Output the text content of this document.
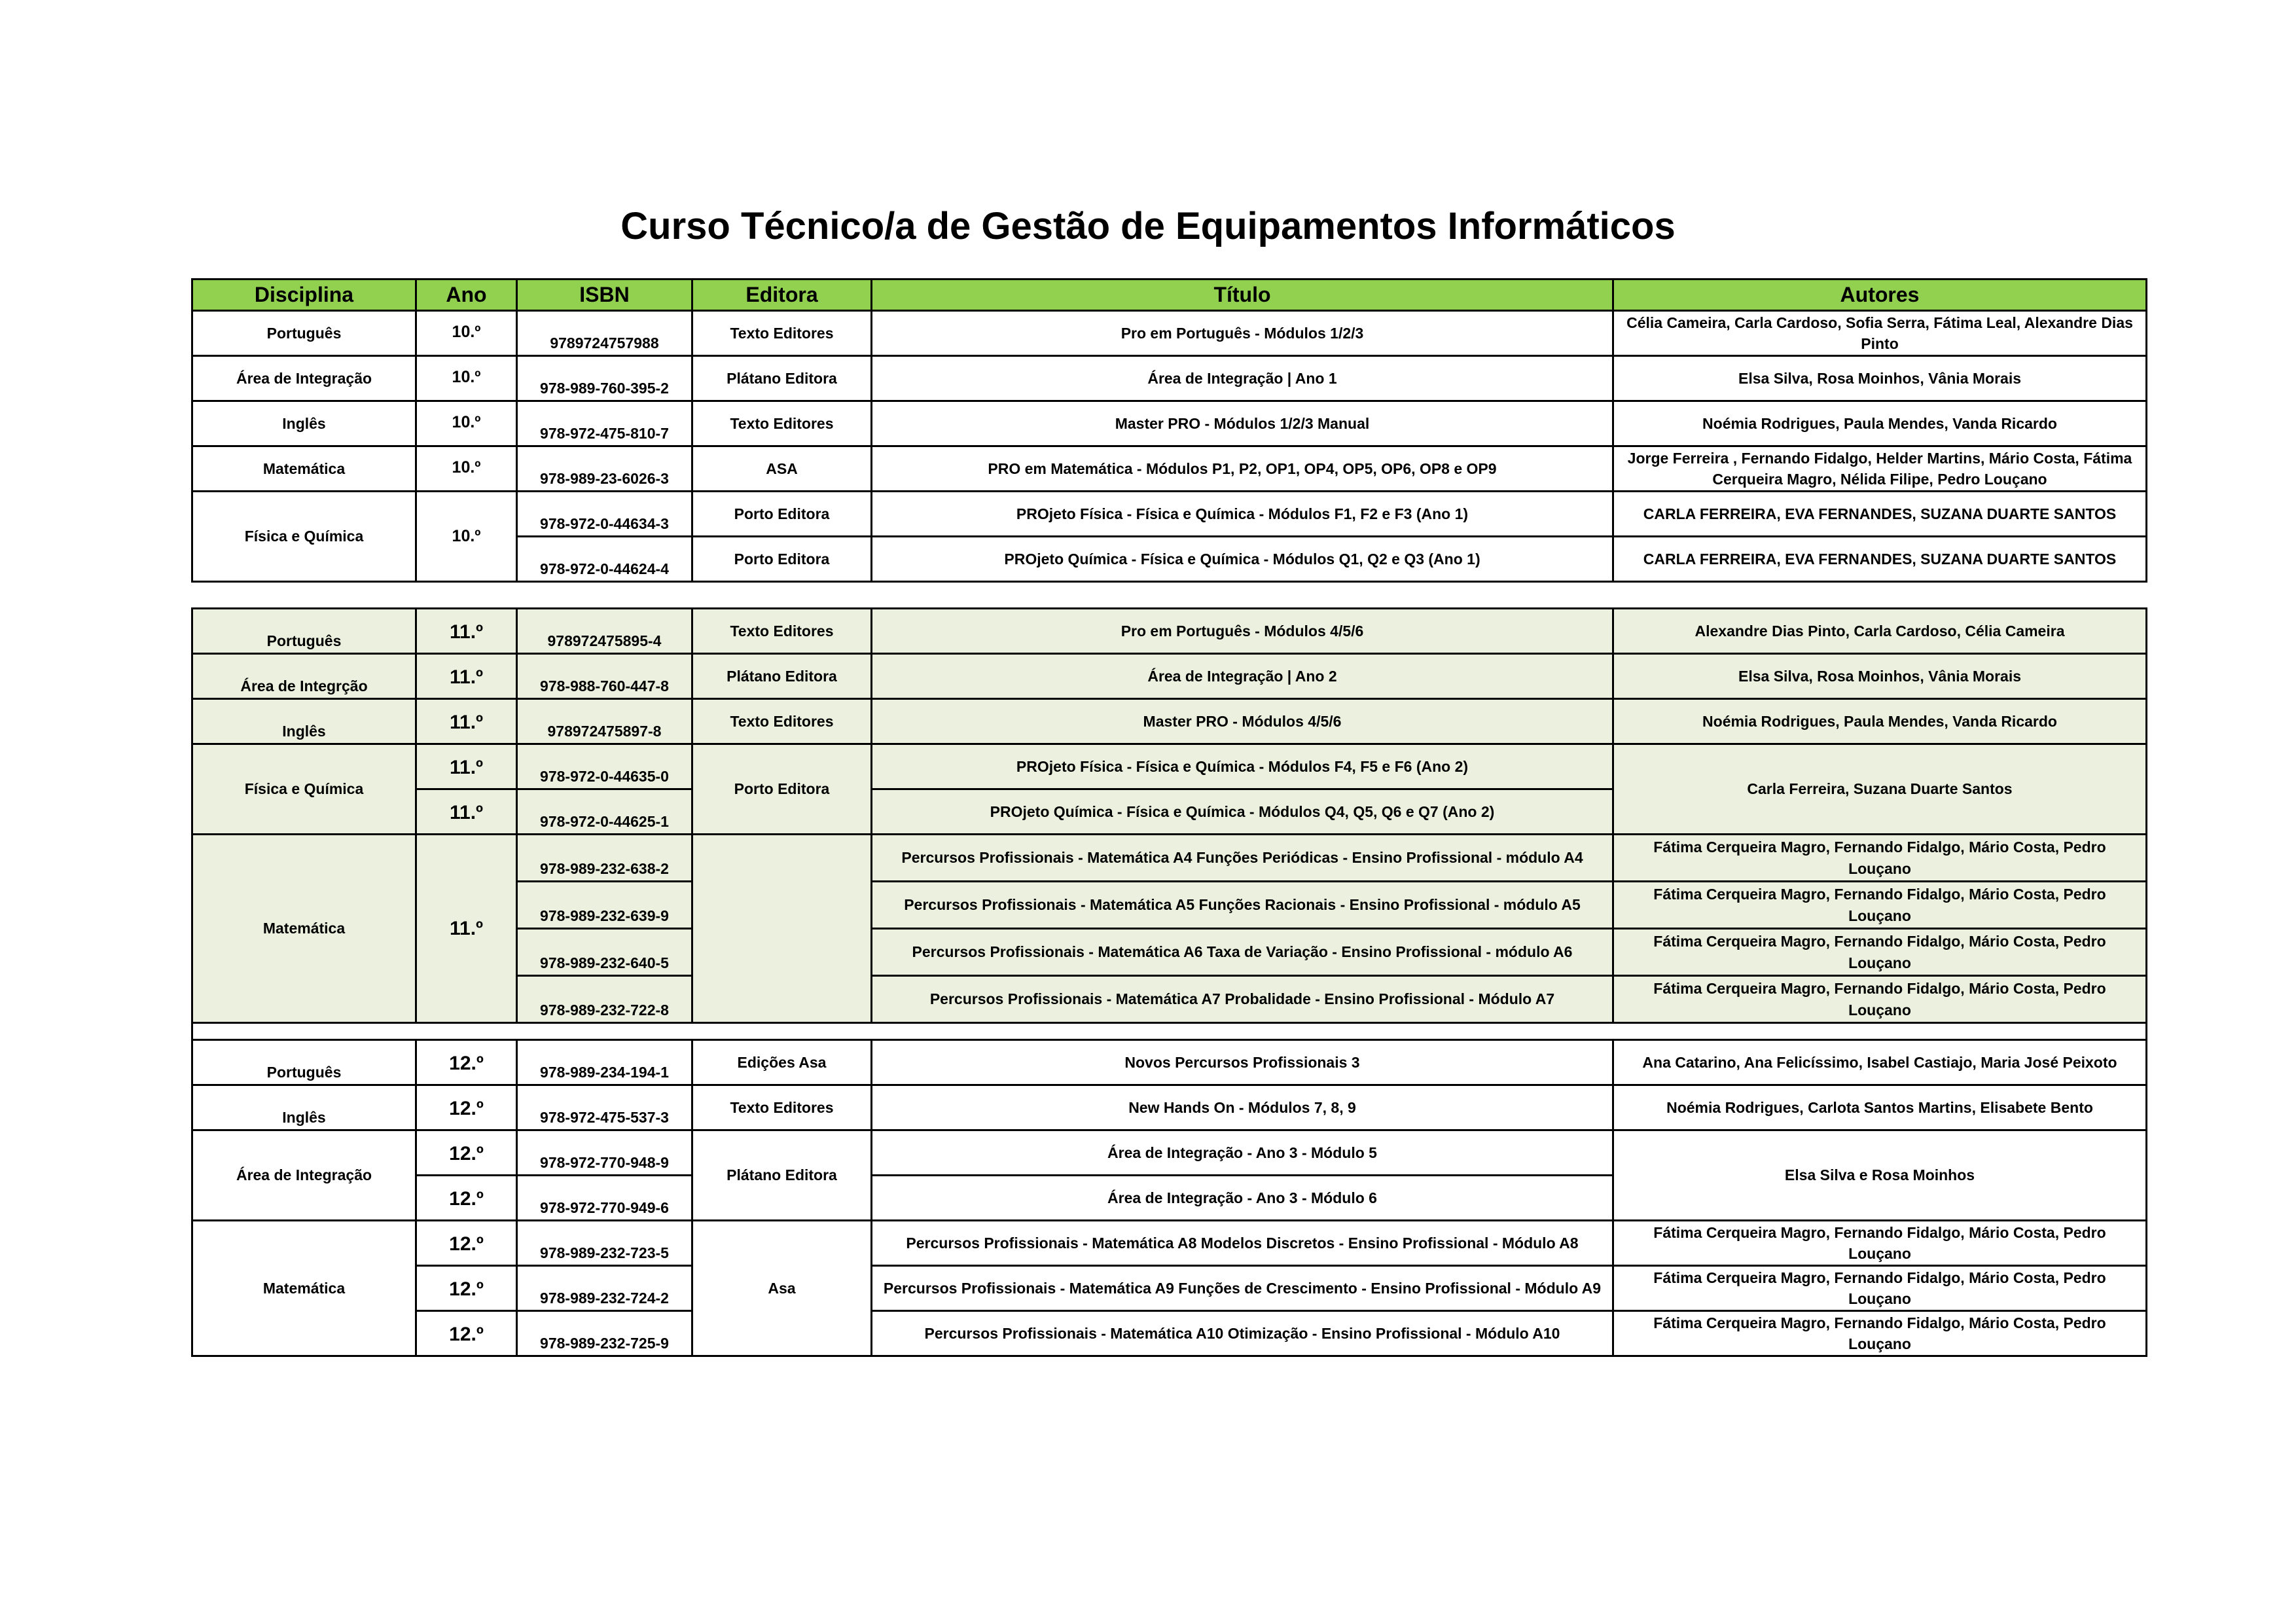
Curso Técnico/a de Gestão de Equipamentos Informáticos
Disciplina	Ano	ISBN	Editora	Título	Autores
Português	10.º	9789724757988	Texto Editores	Pro em Português - Módulos 1/2/3	Célia Cameira, Carla Cardoso, Sofia Serra, Fátima Leal, Alexandre Dias Pinto
Área de Integração	10.º	978-989-760-395-2	Plátano Editora	Área de Integração | Ano 1	Elsa Silva, Rosa Moinhos, Vânia Morais
Inglês	10.º	978-972-475-810-7	Texto Editores	Master PRO - Módulos 1/2/3 Manual	Noémia Rodrigues, Paula Mendes, Vanda Ricardo
Matemática	10.º	978-989-23-6026-3	ASA	PRO em Matemática - Módulos P1, P2, OP1, OP4, OP5, OP6, OP8 e OP9	Jorge Ferreira , Fernando Fidalgo, Helder Martins, Mário Costa, Fátima Cerqueira Magro, Nélida Filipe, Pedro Louçano
Física e Química	10.º	978-972-0-44634-3	Porto Editora	PROjeto Física - Física e Química - Módulos F1, F2 e F3 (Ano 1)	CARLA FERREIRA, EVA FERNANDES, SUZANA DUARTE SANTOS
		978-972-0-44624-4	Porto Editora	PROjeto Química - Física e Química - Módulos Q1, Q2 e Q3 (Ano 1)	CARLA FERREIRA, EVA FERNANDES, SUZANA DUARTE SANTOS
Português	11.º	978972475895-4	Texto Editores	Pro em Português - Módulos 4/5/6	Alexandre Dias Pinto, Carla Cardoso, Célia Cameira
Área de Integrção	11.º	978-988-760-447-8	Plátano Editora	Área de Integração | Ano 2	Elsa Silva, Rosa Moinhos, Vânia Morais
Inglês	11.º	978972475897-8	Texto Editores	Master PRO - Módulos 4/5/6	Noémia Rodrigues, Paula Mendes, Vanda Ricardo
Física e Química	11.º	978-972-0-44635-0	Porto Editora	PROjeto Física - Física e Química - Módulos F4, F5 e F6 (Ano 2)	Carla Ferreira, Suzana Duarte Santos
	11.º	978-972-0-44625-1		PROjeto Química - Física e Química - Módulos Q4, Q5, Q6 e Q7 (Ano 2)	
Matemática	11.º	978-989-232-638-2		Percursos Profissionais - Matemática A4 Funções Periódicas - Ensino Profissional - módulo A4	Fátima Cerqueira Magro, Fernando Fidalgo, Mário Costa, Pedro Louçano
		978-989-232-639-9		Percursos Profissionais - Matemática A5 Funções Racionais - Ensino Profissional - módulo A5	Fátima Cerqueira Magro, Fernando Fidalgo, Mário Costa, Pedro Louçano
		978-989-232-640-5		Percursos Profissionais - Matemática A6 Taxa de Variação - Ensino Profissional - módulo A6	Fátima Cerqueira Magro, Fernando Fidalgo, Mário Costa, Pedro Louçano
		978-989-232-722-8		Percursos Profissionais - Matemática A7 Probalidade - Ensino Profissional - Módulo A7	Fátima Cerqueira Magro, Fernando Fidalgo, Mário Costa, Pedro Louçano

Português	12.º	978-989-234-194-1	Edições Asa	Novos Percursos Profissionais 3	Ana Catarino, Ana Felicíssimo, Isabel Castiajo, Maria José Peixoto
Inglês	12.º	978-972-475-537-3	Texto Editores	New Hands On - Módulos 7, 8, 9	Noémia Rodrigues, Carlota Santos Martins, Elisabete Bento
Área de Integração	12.º	978-972-770-948-9	Plátano Editora	Área de Integração - Ano 3 - Módulo 5	Elsa Silva e Rosa Moinhos
	12.º	978-972-770-949-6		Área de Integração - Ano 3 - Módulo 6	
Matemática	12.º	978-989-232-723-5	Asa	Percursos Profissionais - Matemática A8 Modelos Discretos - Ensino Profissional - Módulo A8	Fátima Cerqueira Magro, Fernando Fidalgo, Mário Costa, Pedro Louçano
	12.º	978-989-232-724-2		Percursos Profissionais - Matemática A9 Funções de Crescimento - Ensino Profissional - Módulo A9	Fátima Cerqueira Magro, Fernando Fidalgo, Mário Costa, Pedro Louçano
	12.º	978-989-232-725-9		Percursos Profissionais - Matemática A10 Otimização - Ensino Profissional - Módulo A10	Fátima Cerqueira Magro, Fernando Fidalgo, Mário Costa, Pedro Louçano
